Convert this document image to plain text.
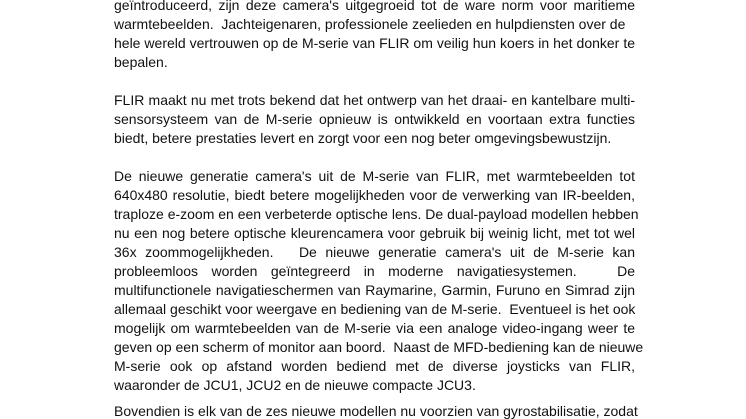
geïntroduceerd, zijn deze camera's uitgegroeid tot de ware norm voor maritieme
warmtebeelden.  Jachteigenaren, professionele zeelieden en hulpdiensten over de
hele wereld vertrouwen op de M-serie van FLIR om veilig hun koers in het donker te
bepalen.
FLIR maakt nu met trots bekend dat het ontwerp van het draai- en kantelbare multi-
sensorsysteem van de M-serie opnieuw is ontwikkeld en voortaan extra functies
biedt, betere prestaties levert en zorgt voor een nog beter omgevingsbewustzijn.
De nieuwe generatie camera's uit de M-serie van FLIR, met warmtebeelden tot
640x480 resolutie, biedt betere mogelijkheden voor de verwerking van IR-beelden,
traploze e-zoom en een verbeterde optische lens. De dual-payload modellen hebben
nu een nog betere optische kleurencamera voor gebruik bij weinig licht, met tot wel
36x zoommogelijkheden.   De nieuwe generatie camera's uit de M-serie kan
probleemloos worden geïntegreerd in moderne navigatiesystemen.   De
multifunctionele navigatieschermen van Raymarine, Garmin, Furuno en Simrad zijn
allemaal geschikt voor weergave en bediening van de M-serie.  Eventueel is het ook
mogelijk om warmtebeelden van de M-serie via een analoge video-ingang weer te
geven op een scherm of monitor aan boord.  Naast de MFD-bediening kan de nieuwe
M-serie ook op afstand worden bediend met de diverse joysticks van FLIR,
waaronder de JCU1, JCU2 en de nieuwe compacte JCU3.
Bovendien is elk van de zes nieuwe modellen nu voorzien van gyrostabilisatie, zodat
